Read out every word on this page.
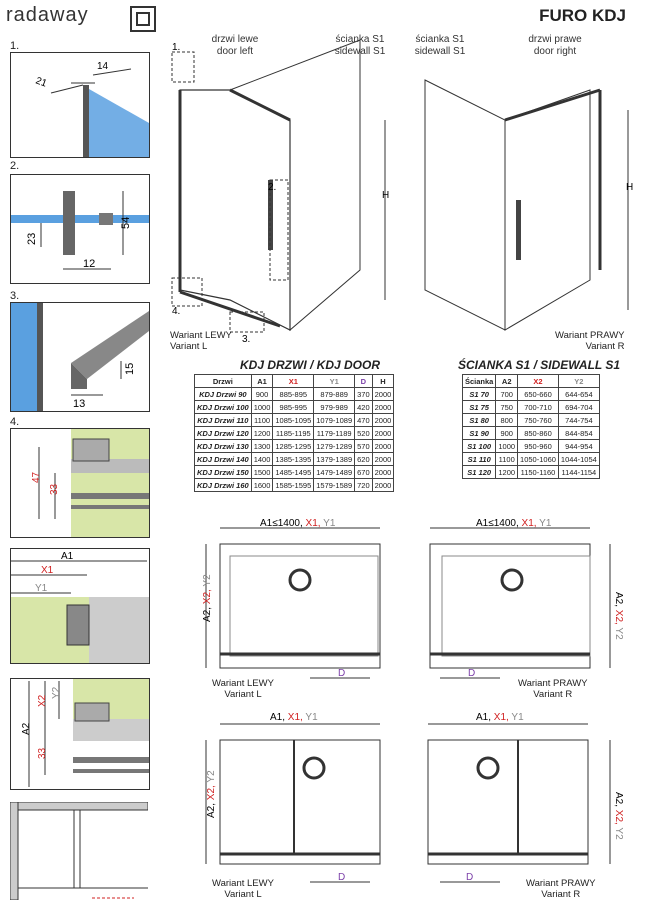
radaway	FURO KDJ
1.
2.
3.
4.
21
14
23
54
12
15
13
47
33
A1
X1
Y1
A2
X2
Y2
33
1.
2.
4.
3.
H
H
drzwi lewe
door left
ścianka S1
sidewall S1
ścianka S1
sidewall S1
drzwi prawe
door right
Wariant LEWY
Variant L
Wariant PRAWY
Variant R
KDJ DRZWI / KDJ DOOR
Drzwi	A1	X1	Y1	D	H
KDJ Drzwi 90	900	885-895	879-889	370	2000
KDJ Drzwi 100	1000	985-995	979-989	420	2000
KDJ Drzwi 110	1100	1085-1095	1079-1089	470	2000
KDJ Drzwi 120	1200	1185-1195	1179-1189	520	2000
KDJ Drzwi 130	1300	1285-1295	1279-1289	570	2000
KDJ Drzwi 140	1400	1385-1395	1379-1389	620	2000
KDJ Drzwi 150	1500	1485-1495	1479-1489	670	2000
KDJ Drzwi 160	1600	1585-1595	1579-1589	720	2000
ŚCIANKA S1 / SIDEWALL S1
Ścianka	A2	X2	Y2
S1 70	700	650-660	644-654
S1 75	750	700-710	694-704
S1 80	800	750-760	744-754
S1 90	900	850-860	844-854
S1 100	1000	950-960	944-954
S1 110	1100	1050-1060	1044-1054
S1 120	1200	1150-1160	1144-1154
A1≤1400, X1, Y1
A2, X2, Y2
D
A1≤1400, X1, Y1
A2, X2, Y2
D
A1, X1, Y1
A2, X2, Y2
D
A1, X1, Y1
A2, X2, Y2
D
Wariant LEWY
Variant L
Wariant PRAWY
Variant R
Wariant LEWY
Variant L
Wariant PRAWY
Variant R
